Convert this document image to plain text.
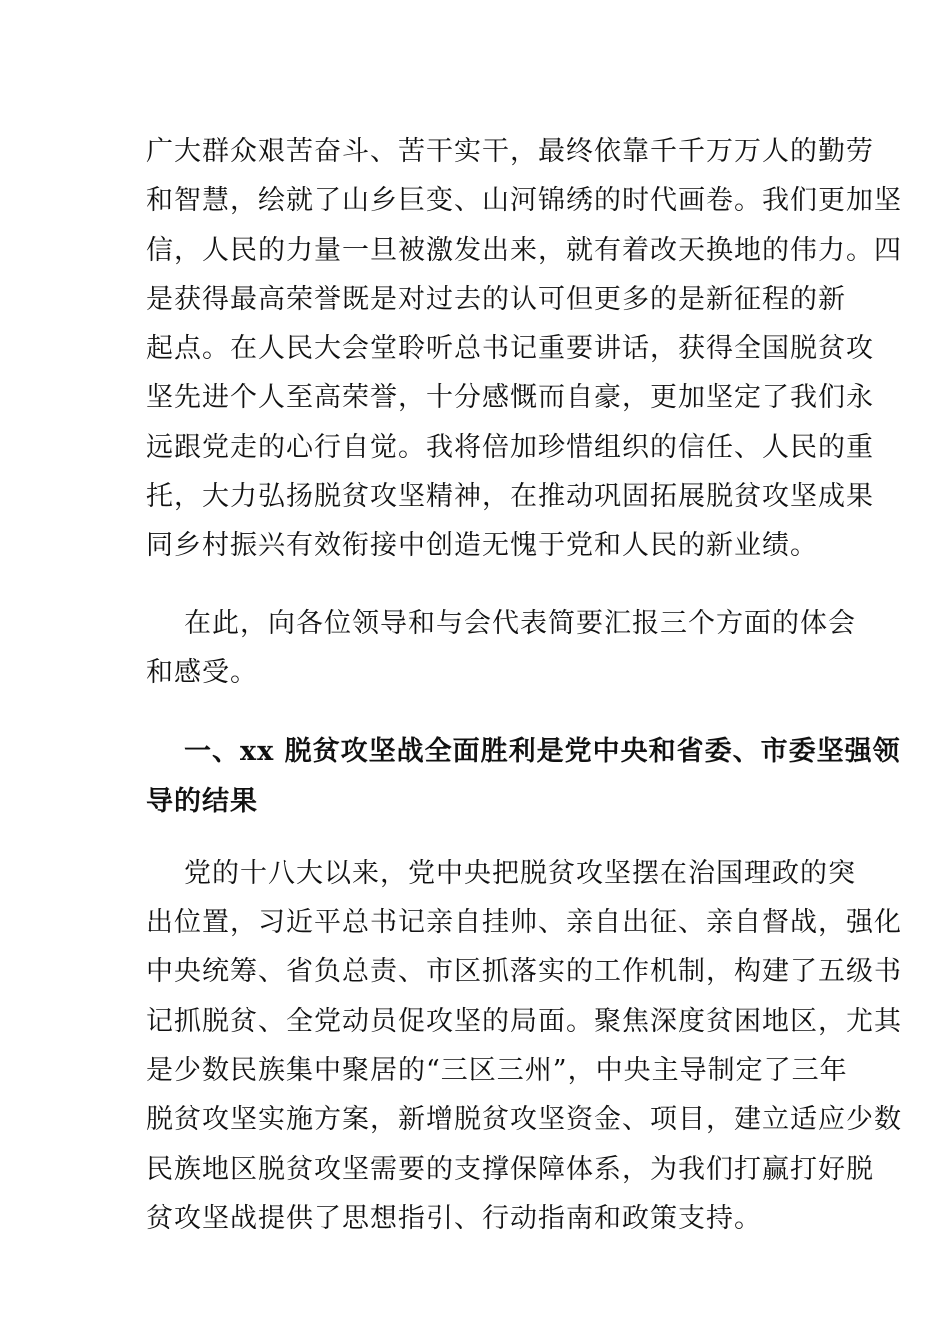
广大群众艰苦奋斗、苦干实干，最终依靠千千万万人的勤劳
和智慧，绘就了山乡巨变、山河锦绣的时代画卷。我们更加坚
信，人民的力量一旦被激发出来，就有着改天换地的伟力。四
是获得最高荣誉既是对过去的认可但更多的是新征程的新
起点。在人民大会堂聆听总书记重要讲话，获得全国脱贫攻
坚先进个人至高荣誉，十分感慨而自豪，更加坚定了我们永
远跟党走的心行自觉。我将倍加珍惜组织的信任、人民的重
托，大力弘扬脱贫攻坚精神，在推动巩固拓展脱贫攻坚成果
同乡村振兴有效衔接中创造无愧于党和人民的新业绩。

在此，向各位领导和与会代表简要汇报三个方面的体会
和感受。

一、xx 脱贫攻坚战全面胜利是党中央和省委、市委坚强领
导的结果

党的十八大以来，党中央把脱贫攻坚摆在治国理政的突
出位置，习近平总书记亲自挂帅、亲自出征、亲自督战，强化
中央统筹、省负总责、市区抓落实的工作机制，构建了五级书
记抓脱贫、全党动员促攻坚的局面。聚焦深度贫困地区，尤其
是少数民族集中聚居的“三区三州”，中央主导制定了三年
脱贫攻坚实施方案，新增脱贫攻坚资金、项目，建立适应少数
民族地区脱贫攻坚需要的支撑保障体系，为我们打赢打好脱
贫攻坚战提供了思想指引、行动指南和政策支持。
